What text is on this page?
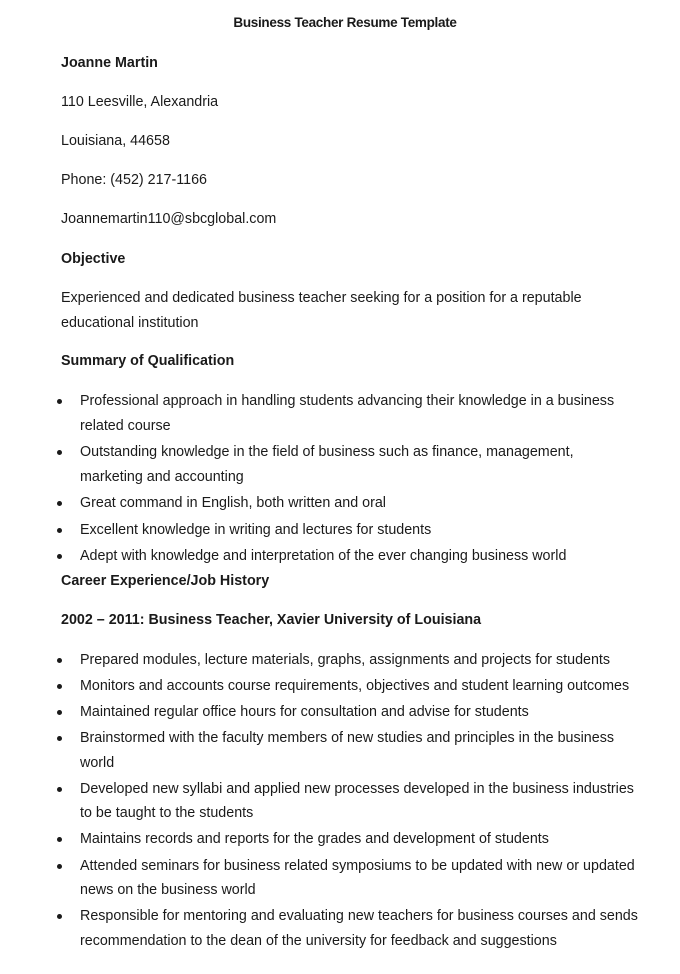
Business Teacher Resume Template
Joanne Martin
110 Leesville, Alexandria
Louisiana, 44658
Phone: (452) 217-1166
Joannemartin110@sbcglobal.com
Objective
Experienced and dedicated business teacher seeking for a position for a reputable educational institution
Summary of Qualification
Professional approach in handling students advancing their knowledge in a business related course
Outstanding knowledge in the field of business such as finance, management, marketing and accounting
Great command in English, both written and oral
Excellent knowledge in writing and lectures for students
Adept with knowledge and interpretation of the ever changing business world
Career Experience/Job History
2002 – 2011: Business Teacher, Xavier University of Louisiana
Prepared modules, lecture materials, graphs, assignments and projects for students
Monitors and accounts course requirements, objectives and student learning outcomes
Maintained regular office hours for consultation and advise for students
Brainstormed with the faculty members of new studies and principles in the business world
Developed new syllabi and applied new processes developed in the business industries to be taught to the students
Maintains records and reports for the grades and development of students
Attended seminars for business related symposiums to be updated with new or updated news on the business world
Responsible for mentoring and evaluating new teachers for business courses and sends recommendation to the dean of the university for feedback and suggestions
